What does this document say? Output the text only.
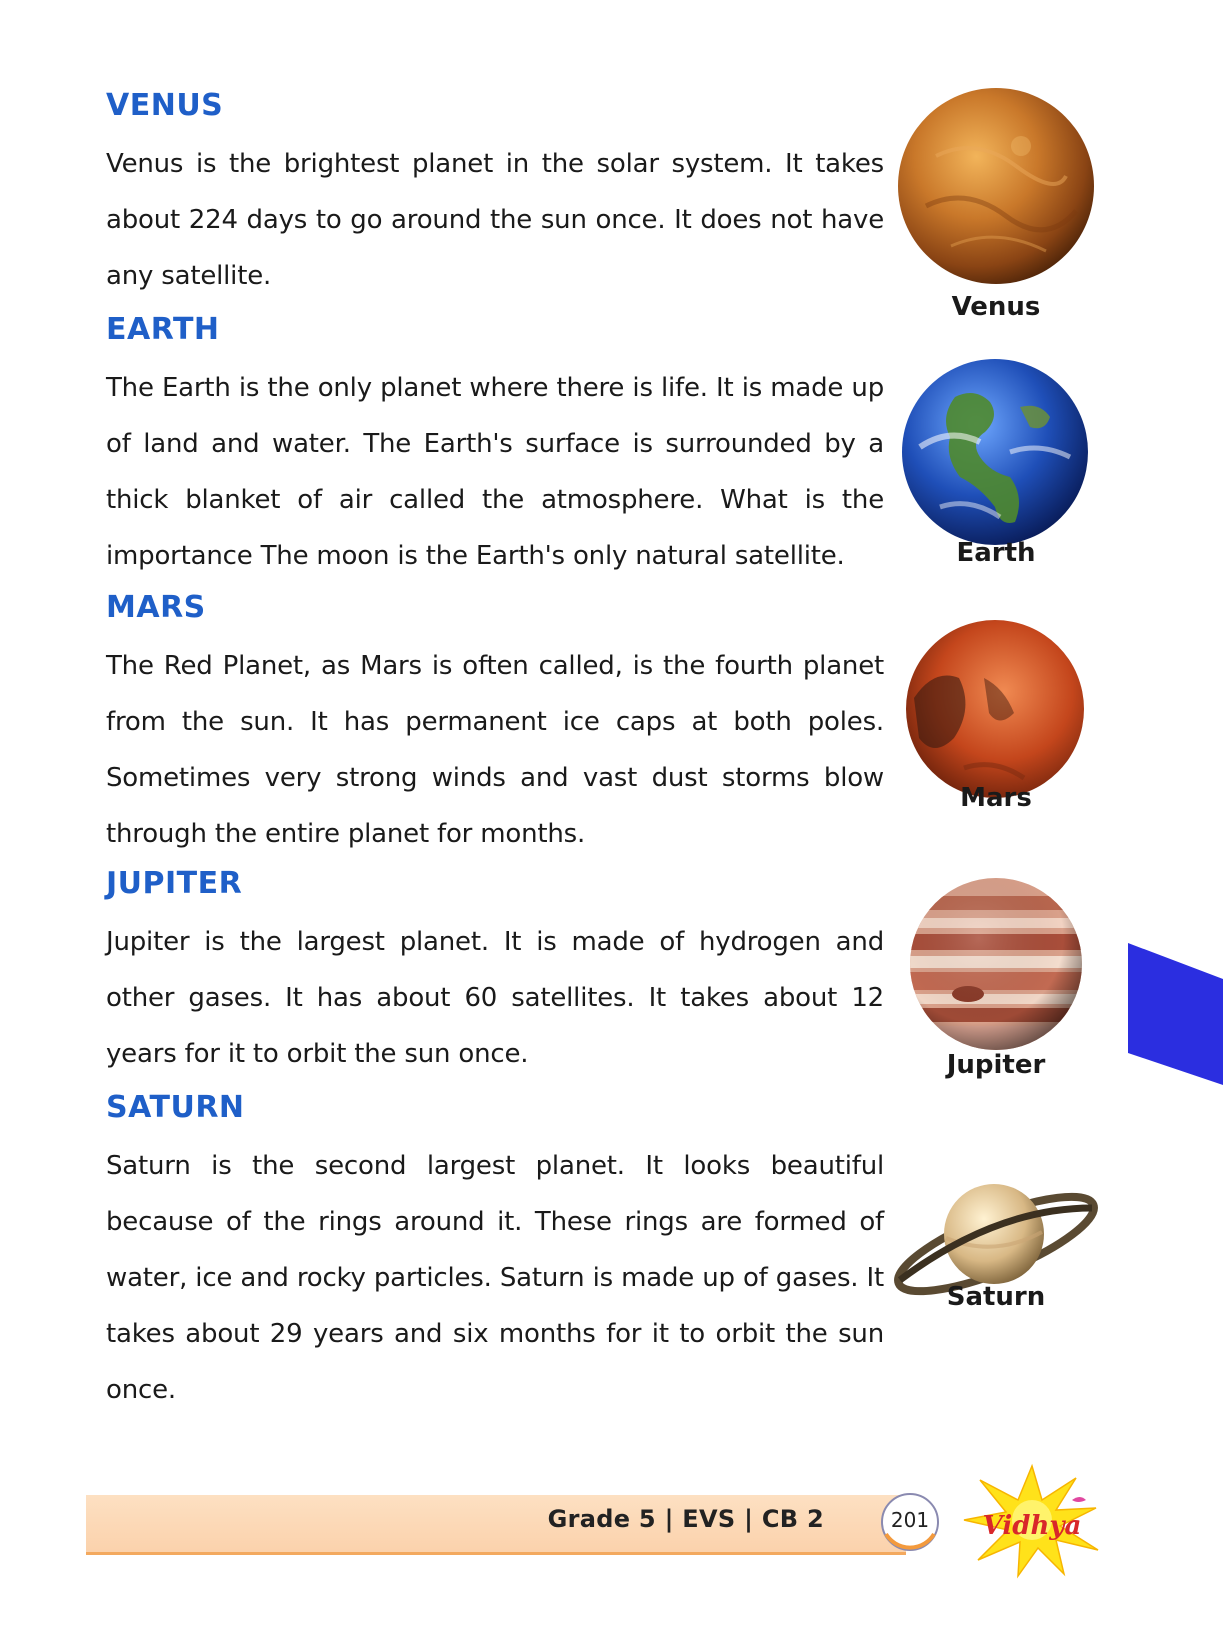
VENUS

Venus is the brightest planet in the solar system. It takes about 224 days to go around the sun once. It does not have any satellite.

EARTH

The Earth is the only planet where there is life. It is made up of land and water. The Earth's surface is surrounded by a thick blanket of air called the atmosphere. What is the importance The moon is the Earth's only natural satellite.

MARS

The Red Planet, as Mars is often called, is the fourth planet from the sun. It has permanent ice caps at both poles. Sometimes very strong winds and vast dust storms blow through the entire planet for months.

JUPITER

Jupiter is the largest planet. It is made of hydrogen and other gases. It has about 60 satellites. It takes about 12 years for it to orbit the sun once.

SATURN

Saturn is the second largest planet. It looks beautiful because of the rings around it. These rings are formed of water, ice and rocky particles. Saturn is made up of gases. It takes about 29 years and six months for it to orbit the sun once.

Venus
Earth
Mars
Jupiter
Saturn
Grade 5 | EVS | CB 2	201	Vidhya
